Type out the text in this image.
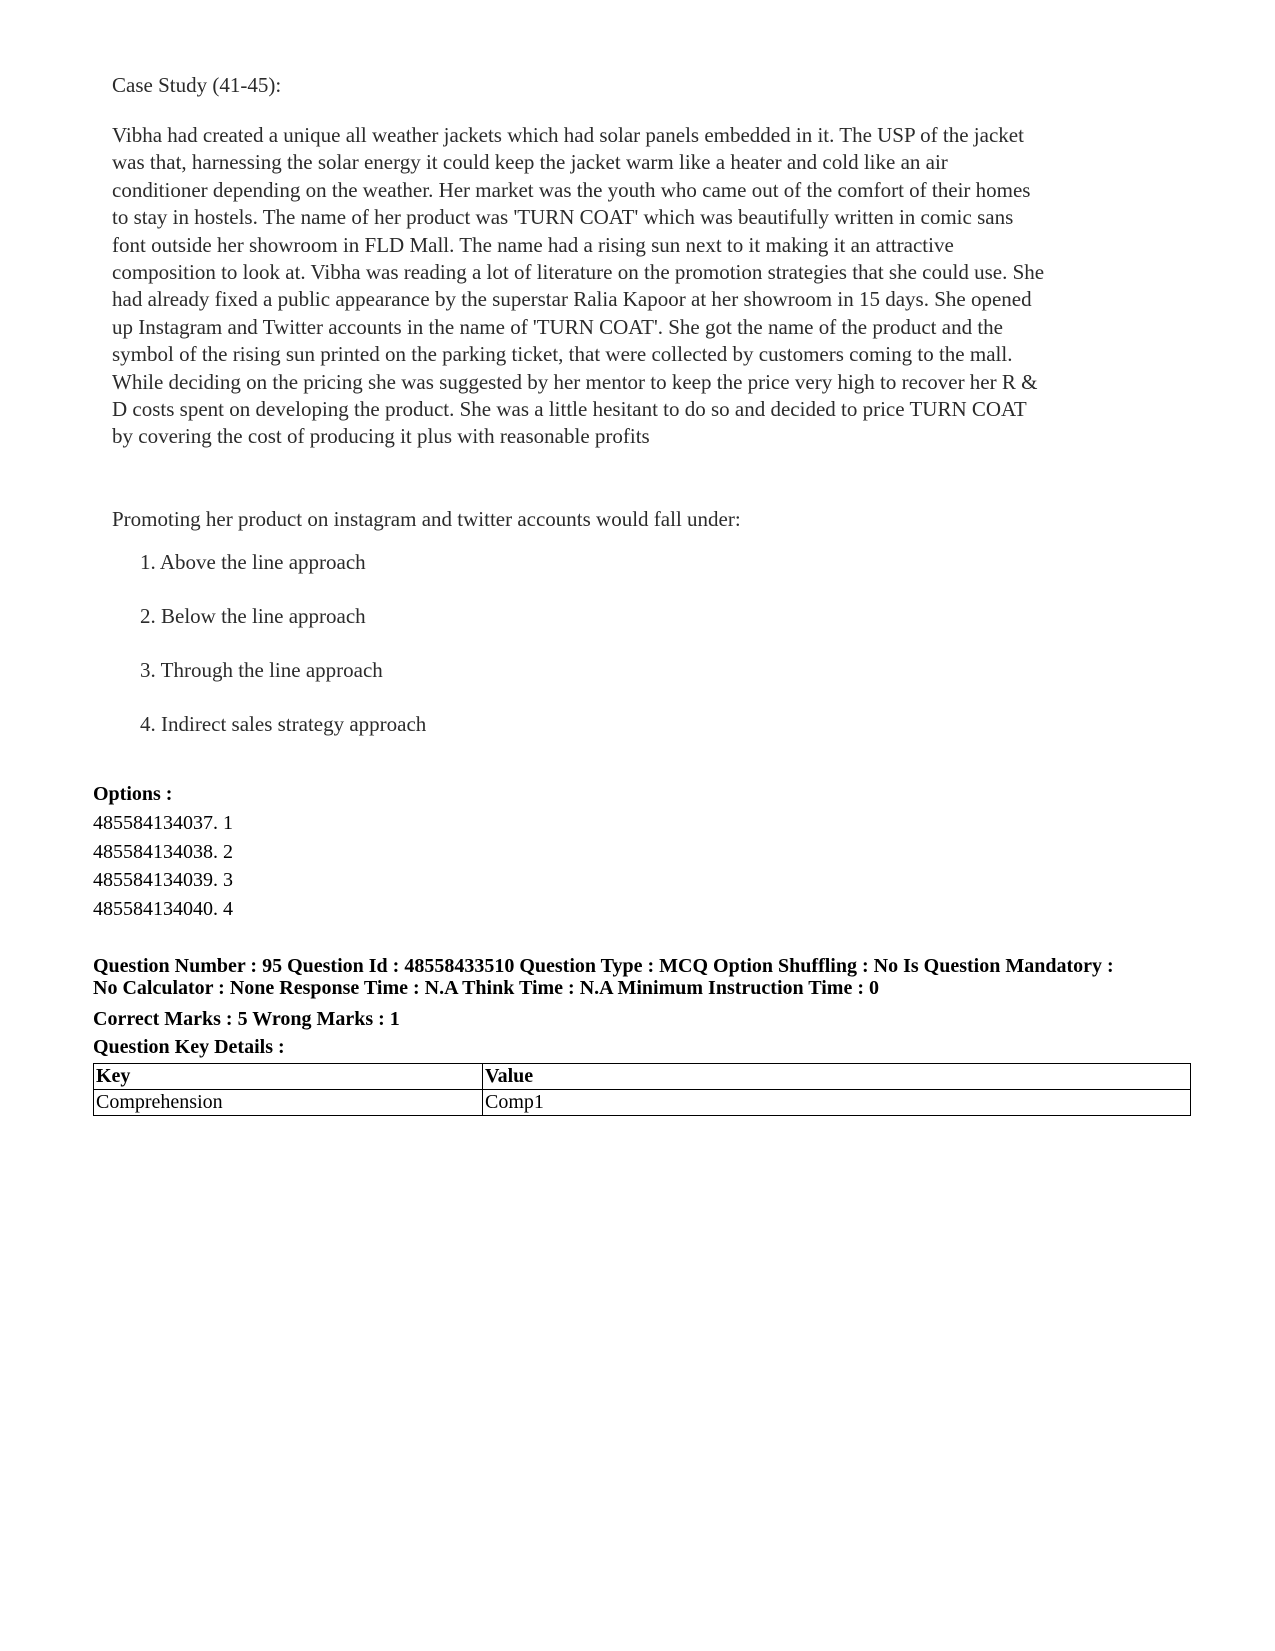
Case Study (41-45):

Vibha had created a unique all weather jackets which had solar panels embedded in it. The USP of the jacket
was that, harnessing the solar energy it could keep the jacket warm like a heater and cold like an air
conditioner depending on the weather. Her market was the youth who came out of the comfort of their homes
to stay in hostels. The name of her product was 'TURN COAT' which was beautifully written in comic sans
font outside her showroom in FLD Mall. The name had a rising sun next to it making it an attractive
composition to look at. Vibha was reading a lot of literature on the promotion strategies that she could use. She
had already fixed a public appearance by the superstar Ralia Kapoor at her showroom in 15 days. She opened
up Instagram and Twitter accounts in the name of 'TURN COAT'. She got the name of the product and the
symbol of the rising sun printed on the parking ticket, that were collected by customers coming to the mall.
While deciding on the pricing she was suggested by her mentor to keep the price very high to recover her R &
D costs spent on developing the product. She was a little hesitant to do so and decided to price TURN COAT
by covering the cost of producing it plus with reasonable profits
Promoting her product on instagram and twitter accounts would fall under:
1. Above the line approach
2. Below the line approach
3. Through the line approach
4. Indirect sales strategy approach
Options :
485584134037. 1
485584134038. 2
485584134039. 3
485584134040. 4
Question Number : 95 Question Id : 48558433510 Question Type : MCQ Option Shuffling : No Is Question Mandatory :
No Calculator : None Response Time : N.A Think Time : N.A Minimum Instruction Time : 0
Correct Marks : 5 Wrong Marks : 1
Question Key Details :
Key	Value
Comprehension	Comp1
